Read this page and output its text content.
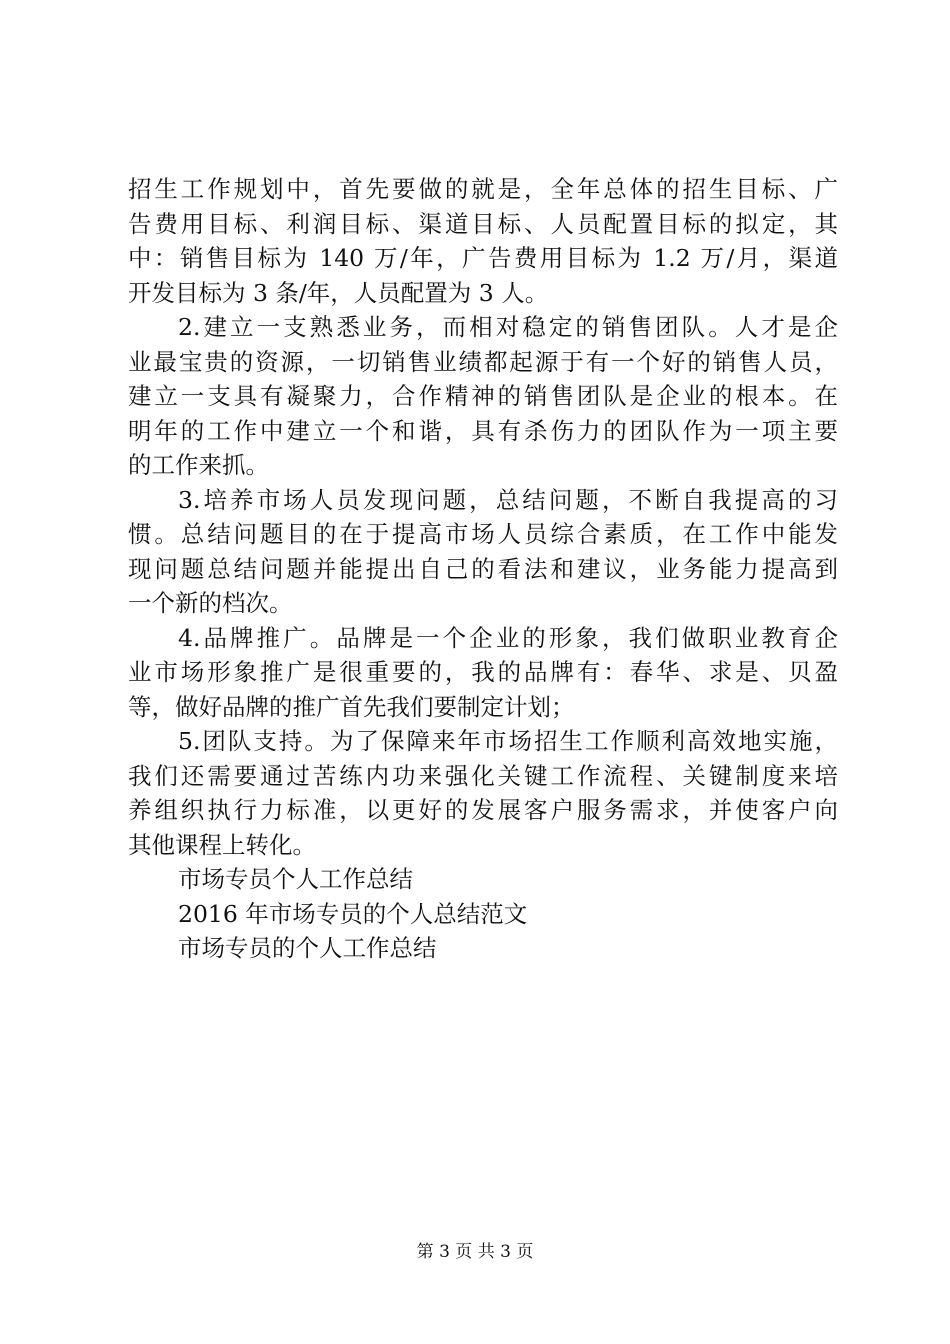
招生工作规划中，首先要做的就是，全年总体的招生目标、广
告费用目标、利润目标、渠道目标、人员配置目标的拟定，其
中：销售目标为 140 万/年，广告费用目标为 1.2 万/月，渠道
开发目标为 3 条/年，人员配置为 3 人。
2.建立一支熟悉业务，而相对稳定的销售团队。人才是企
业最宝贵的资源，一切销售业绩都起源于有一个好的销售人员，
建立一支具有凝聚力，合作精神的销售团队是企业的根本。在
明年的工作中建立一个和谐，具有杀伤力的团队作为一项主要
的工作来抓。
3.培养市场人员发现问题，总结问题，不断自我提高的习
惯。总结问题目的在于提高市场人员综合素质，在工作中能发
现问题总结问题并能提出自己的看法和建议，业务能力提高到
一个新的档次。
4.品牌推广。品牌是一个企业的形象，我们做职业教育企
业市场形象推广是很重要的，我的品牌有：春华、求是、贝盈
等，做好品牌的推广首先我们要制定计划；
5.团队支持。为了保障来年市场招生工作顺利高效地实施，
我们还需要通过苦练内功来强化关键工作流程、关键制度来培
养组织执行力标准，以更好的发展客户服务需求，并使客户向
其他课程上转化。
市场专员个人工作总结
2016 年市场专员的个人总结范文
市场专员的个人工作总结
第 3 页 共 3 页
